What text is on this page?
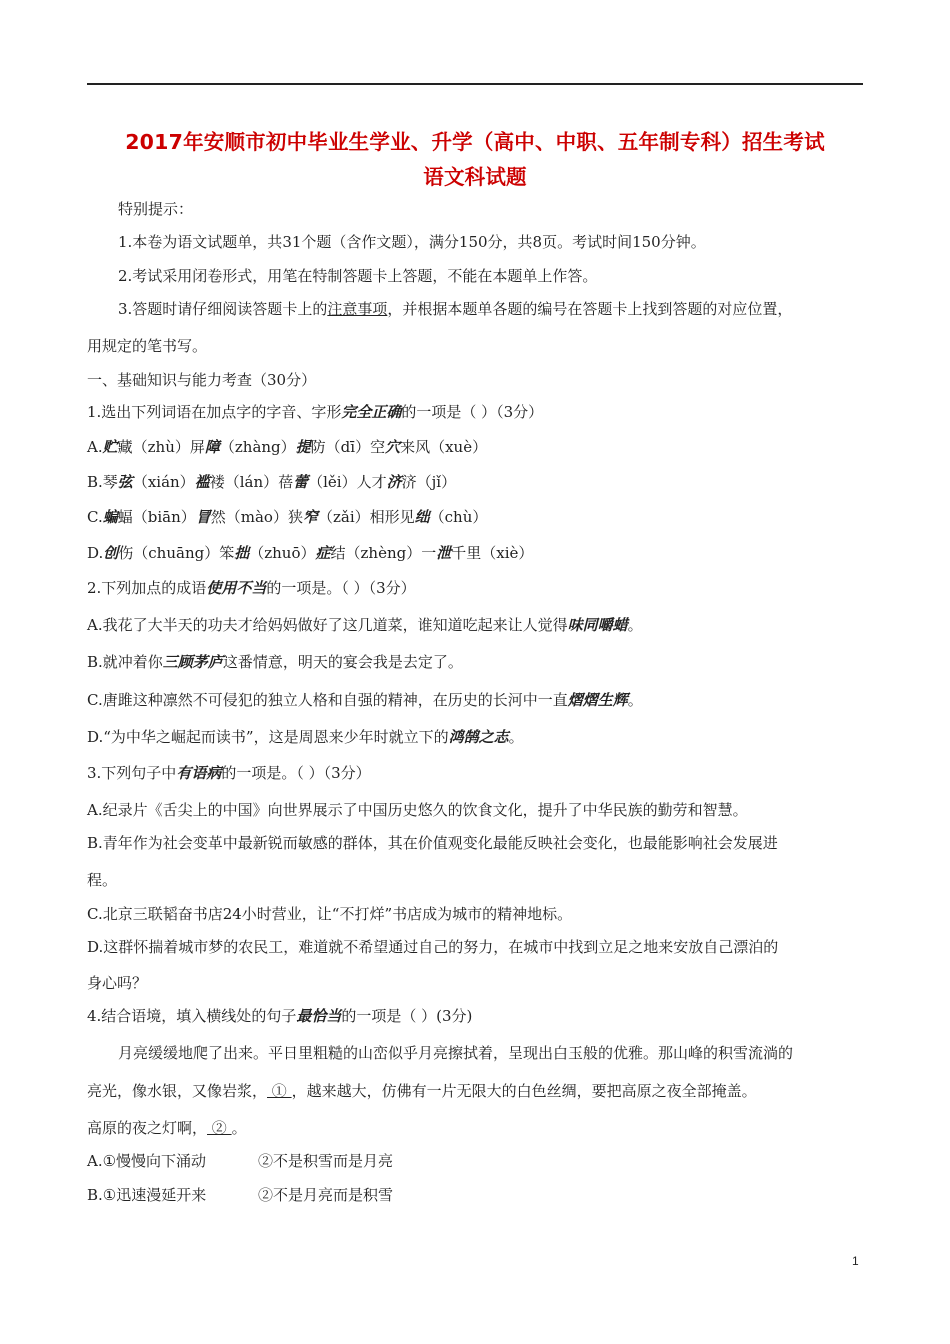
2017年安顺市初中毕业生学业、升学（高中、中职、五年制专科）招生考试
语文科试题
特别提示：
1.本卷为语文试题单，共31个题（含作文题），满分150分，共8页。考试时间150分钟。
2.考试采用闭卷形式，用笔在特制答题卡上答题，不能在本题单上作答。
3.答题时请仔细阅读答题卡上的注意事项，并根据本题单各题的编号在答题卡上找到答题的对应位置，
用规定的笔书写。
一、基础知识与能力考查（30分）
1.选出下列词语在加点字的字音、字形完全正确的一项是（ ）（3分）
A.贮藏（zhù）屏障（zhàng）提防（dī）空穴来风（xuè）
B.琴弦（xián）褴褛（lán）蓓蕾（lěi）人才济济（jǐ）
C.蝙蝠（biān）冒然（mào）狭窄（zǎi）相形见绌（chù）
D.创伤（chuāng）笨拙（zhuō）症结（zhèng）一泄千里（xiè）
2.下列加点的成语使用不当的一项是。（ ）（3分）
A.我花了大半天的功夫才给妈妈做好了这几道菜，谁知道吃起来让人觉得味同嚼蜡。
B.就冲着你三顾茅庐这番情意，明天的宴会我是去定了。
C.唐雎这种凛然不可侵犯的独立人格和自强的精神，在历史的长河中一直熠熠生辉。
D.“为中华之崛起而读书”，这是周恩来少年时就立下的鸿鹄之志。
3.下列句子中有语病的一项是。（ ）（3分）
A.纪录片《舌尖上的中国》向世界展示了中国历史悠久的饮食文化，提升了中华民族的勤劳和智慧。
B.青年作为社会变革中最新锐而敏感的群体，其在价值观变化最能反映社会变化，也最能影响社会发展进
程。
C.北京三联韬奋书店24小时营业，让“不打烊”书店成为城市的精神地标。
D.这群怀揣着城市梦的农民工，难道就不希望通过自己的努力，在城市中找到立足之地来安放自己漂泊的
身心吗？
4.结合语境，填入横线处的句子最恰当的一项是（ ）(3分)
月亮缓缓地爬了出来。平日里粗糙的山峦似乎月亮擦拭着，呈现出白玉般的优雅。那山峰的积雪流淌的
亮光，像水银，又像岩浆， ① ，越来越大，仿佛有一片无限大的白色丝绸，要把高原之夜全部掩盖。
高原的夜之灯啊， ② 。
A.①慢慢向下涌动	②不是积雪而是月亮
B.①迅速漫延开来	②不是月亮而是积雪
1
